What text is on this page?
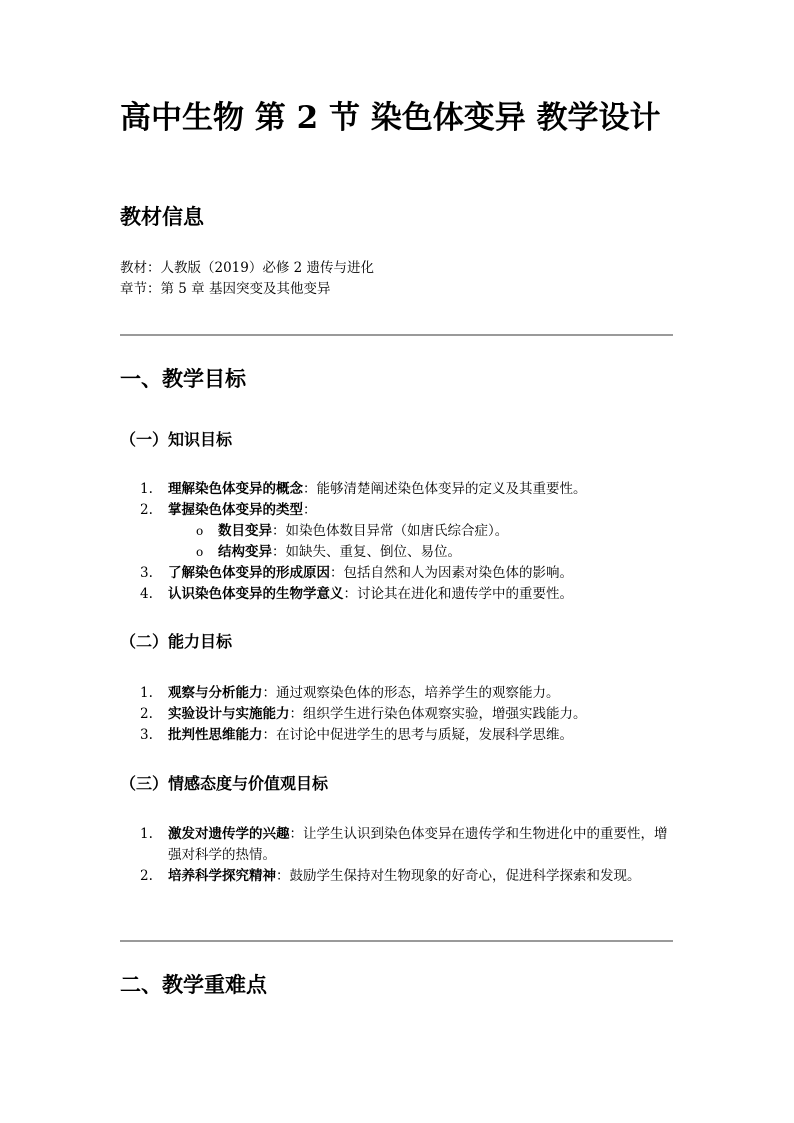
高中生物 第 2 节 染色体变异 教学设计
教材信息
教材：人教版（2019）必修 2 遗传与进化
章节：第 5 章 基因突变及其他变异
一、教学目标
（一）知识目标
1. 理解染色体变异的概念：能够清楚阐述染色体变异的定义及其重要性。
2. 掌握染色体变异的类型：
o 数目变异：如染色体数目异常（如唐氏综合症）。
o 结构变异：如缺失、重复、倒位、易位。
3. 了解染色体变异的形成原因：包括自然和人为因素对染色体的影响。
4. 认识染色体变异的生物学意义：讨论其在进化和遗传学中的重要性。
（二）能力目标
1. 观察与分析能力：通过观察染色体的形态，培养学生的观察能力。
2. 实验设计与实施能力：组织学生进行染色体观察实验，增强实践能力。
3. 批判性思维能力：在讨论中促进学生的思考与质疑，发展科学思维。
（三）情感态度与价值观目标
1. 激发对遗传学的兴趣：让学生认识到染色体变异在遗传学和生物进化中的重要性，增强对科学的热情。
2. 培养科学探究精神：鼓励学生保持对生物现象的好奇心，促进科学探索和发现。
二、教学重难点
